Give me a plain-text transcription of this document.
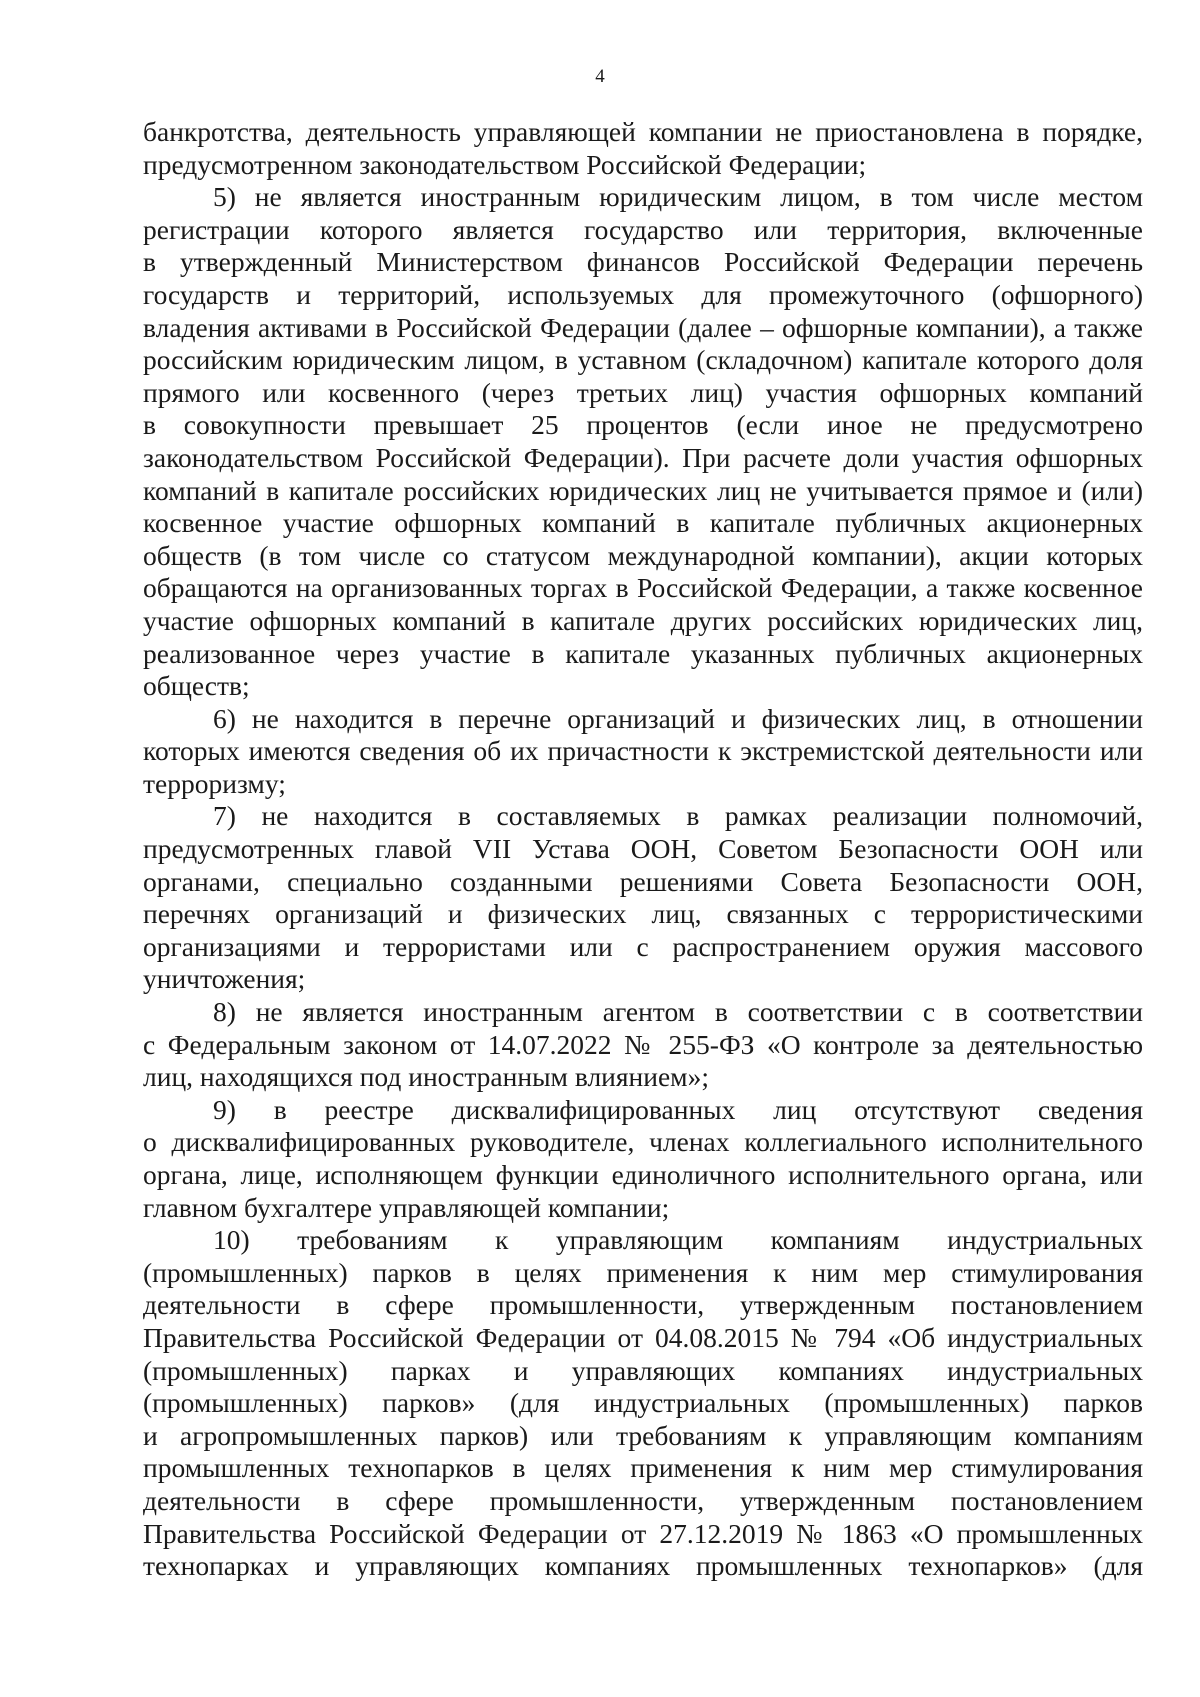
4
банкротства, деятельность управляющей компании не приостановлена в порядке,
предусмотренном законодательством Российской Федерации;
5) не является иностранным юридическим лицом, в том числе местом
регистрации которого является государство или территория, включенные
в утвержденный Министерством финансов Российской Федерации перечень
государств и территорий, используемых для промежуточного (офшорного)
владения активами в Российской Федерации (далее – офшорные компании), а также
российским юридическим лицом, в уставном (складочном) капитале которого доля
прямого или косвенного (через третьих лиц) участия офшорных компаний
в совокупности превышает 25 процентов (если иное не предусмотрено
законодательством Российской Федерации). При расчете доли участия офшорных
компаний в капитале российских юридических лиц не учитывается прямое и (или)
косвенное участие офшорных компаний в капитале публичных акционерных
обществ (в том числе со статусом международной компании), акции которых
обращаются на организованных торгах в Российской Федерации, а также косвенное
участие офшорных компаний в капитале других российских юридических лиц,
реализованное через участие в капитале указанных публичных акционерных
обществ;
6) не находится в перечне организаций и физических лиц, в отношении
которых имеются сведения об их причастности к экстремистской деятельности или
терроризму;
7) не находится в составляемых в рамках реализации полномочий,
предусмотренных главой VII Устава ООН, Советом Безопасности ООН или
органами, специально созданными решениями Совета Безопасности ООН,
перечнях организаций и физических лиц, связанных с террористическими
организациями и террористами или с распространением оружия массового
уничтожения;
8) не является иностранным агентом в соответствии с в соответствии
с Федеральным законом от 14.07.2022 № 255-ФЗ «О контроле за деятельностью
лиц, находящихся под иностранным влиянием»;
9) в реестре дисквалифицированных лиц отсутствуют сведения
о дисквалифицированных руководителе, членах коллегиального исполнительного
органа, лице, исполняющем функции единоличного исполнительного органа, или
главном бухгалтере управляющей компании;
10) требованиям к управляющим компаниям индустриальных
(промышленных) парков в целях применения к ним мер стимулирования
деятельности в сфере промышленности, утвержденным постановлением
Правительства Российской Федерации от 04.08.2015 № 794 «Об индустриальных
(промышленных) парках и управляющих компаниях индустриальных
(промышленных) парков» (для индустриальных (промышленных) парков
и агропромышленных парков) или требованиям к управляющим компаниям
промышленных технопарков в целях применения к ним мер стимулирования
деятельности в сфере промышленности, утвержденным постановлением
Правительства Российской Федерации от 27.12.2019 № 1863 «О промышленных
технопарках и управляющих компаниях промышленных технопарков» (для
